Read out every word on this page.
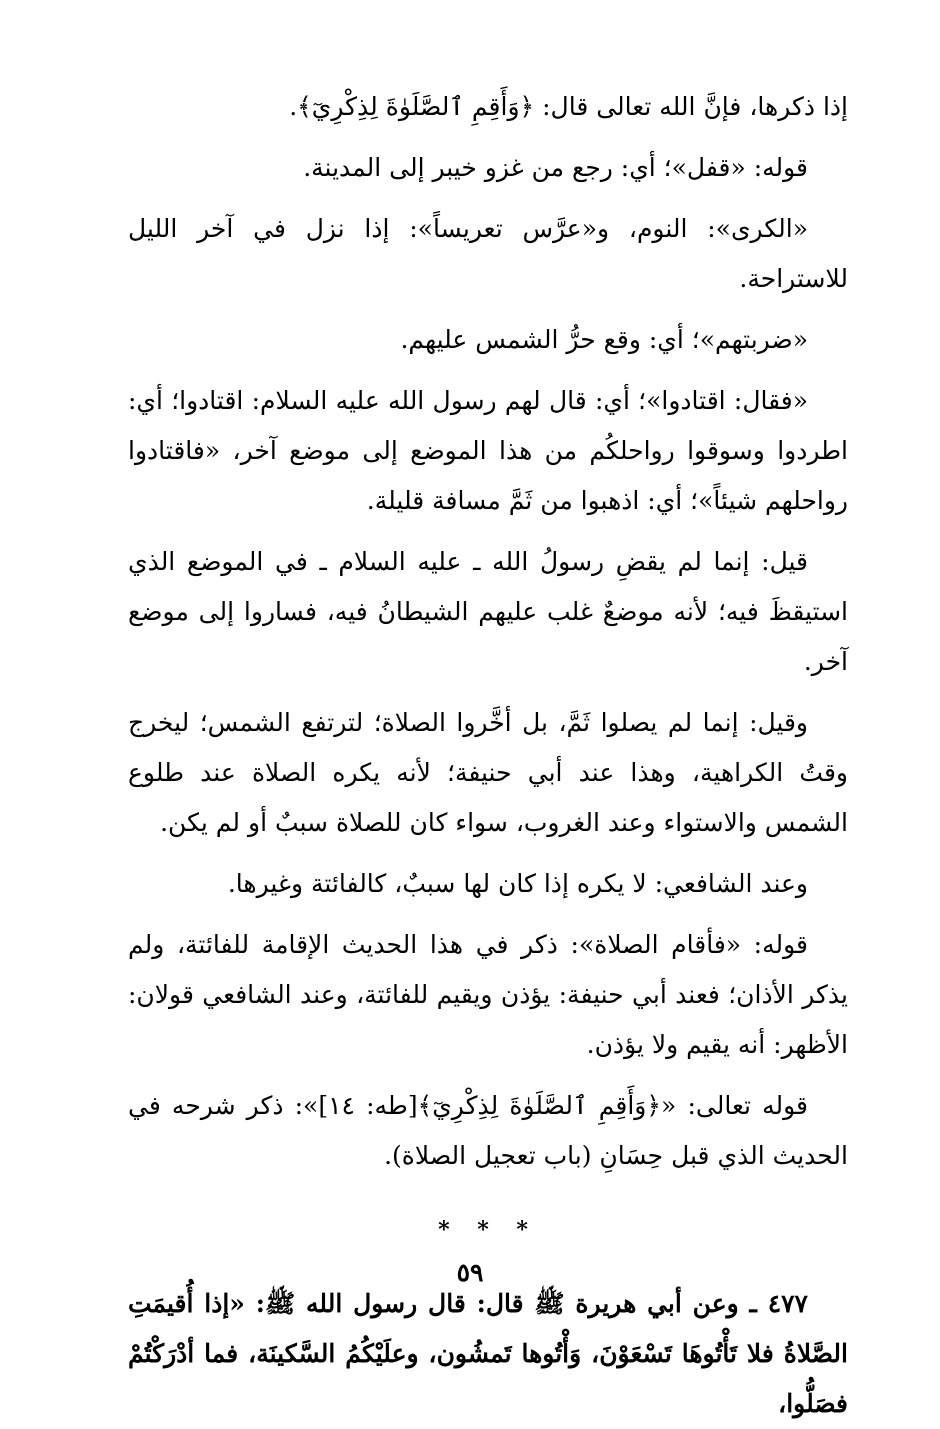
إذا ذكرها، فإنَّ الله تعالى قال: ﴿وَأَقِمِ ٱلصَّلَوٰةَ لِذِكْرِيٓ﴾.
قوله: «قفل»؛ أي: رجع من غزو خيبر إلى المدينة.
«الكرى»: النوم، و«عرَّس تعريساً»: إذا نزل في آخر الليل للاستراحة.
«ضربتهم»؛ أي: وقع حرُّ الشمس عليهم.
«فقال: اقتادوا»؛ أي: قال لهم رسول الله عليه السلام: اقتادوا؛ أي: اطردوا وسوقوا رواحلكُم من هذا الموضع إلى موضع آخر، «فاقتادوا رواحلهم شيئاً»؛ أي: اذهبوا من ثَمَّ مسافة قليلة.
قيل: إنما لم يقضِ رسولُ الله ـ عليه السلام ـ في الموضع الذي استيقظَ فيه؛ لأنه موضعٌ غلب عليهم الشيطانُ فيه، فساروا إلى موضع آخر.
وقيل: إنما لم يصلوا ثَمَّ، بل أخَّروا الصلاة؛ لترتفع الشمس؛ ليخرج وقتُ الكراهية، وهذا عند أبي حنيفة؛ لأنه يكره الصلاة عند طلوع الشمس والاستواء وعند الغروب، سواء كان للصلاة سببٌ أو لم يكن.
وعند الشافعي: لا يكره إذا كان لها سببٌ، كالفائتة وغيرها.
قوله: «فأقام الصلاة»: ذكر في هذا الحديث الإقامة للفائتة، ولم يذكر الأذان؛ فعند أبي حنيفة: يؤذن ويقيم للفائتة، وعند الشافعي قولان: الأظهر: أنه يقيم ولا يؤذن.
قوله تعالى: «﴿وَأَقِمِ ٱلصَّلَوٰةَ لِذِكْرِيٓ﴾[طه: ١٤]»: ذكر شرحه في الحديث الذي قبل حِسَانِ (باب تعجيل الصلاة).
* * *
٤٧٧ ـ وعن أبي هريرة ﷺ قال: قال رسول الله ﷺ: «إذا أُقيمَتِ الصَّلاةُ فلا تَأْتُوهَا تَسْعَوْنَ، وَأْتُوها تَمشُون، وعلَيْكُمُ السَّكينَة، فما أدْرَكْتُمْ فصَلُّوا،
٥٩
